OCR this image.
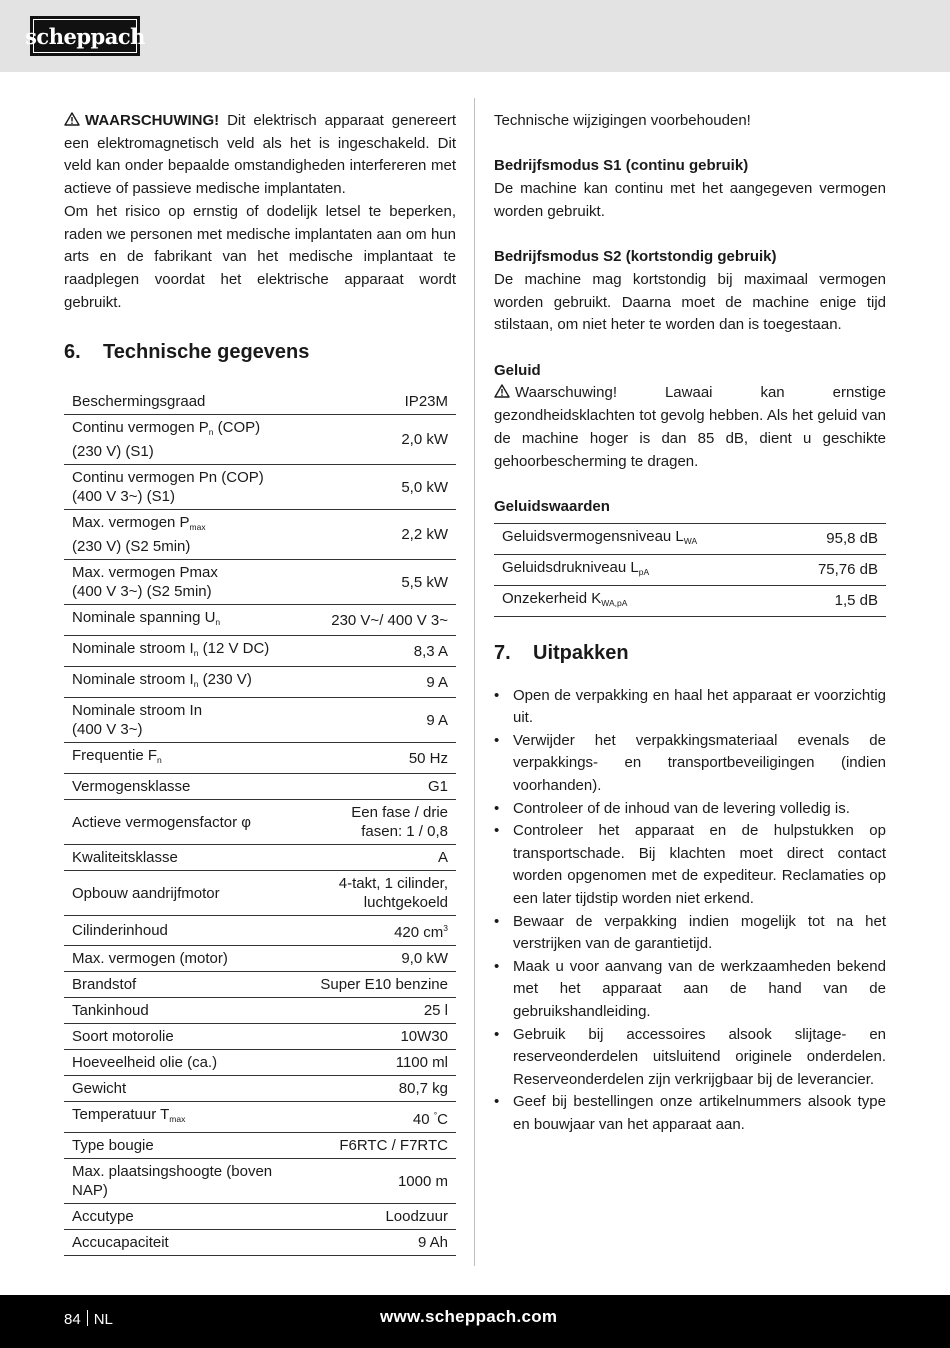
scheppach

WAARSCHUWING! Dit elektrisch apparaat genereert een elektromagnetisch veld als het is ingeschakeld. Dit veld kan onder bepaalde omstandigheden interfereren met actieve of passieve medische implantaten.

Om het risico op ernstig of dodelijk letsel te beperken, raden we personen met medische implantaten aan om hun arts en de fabrikant van het medische implantaat te raadplegen voordat het elektrische apparaat wordt gebruikt.

6.	Technische gegevens
Beschermingsgraad	IP23M
Continu vermogen $P_n$ (COP)
(230 V) (S1)	2,0 kW
Continu vermogen Pn (COP)
(400 V 3~) (S1)	5,0 kW
Max. vermogen $P_{max}$
(230 V) (S2 5min)	2,2 kW
Max. vermogen Pmax
(400 V 3~) (S2 5min)	5,5 kW
Nominale spanning $U_n$	230 V~/ 400 V 3~
Nominale stroom $I_n$ (12 V DC)	8,3 A
Nominale stroom $I_n$ (230 V)	9 A
Nominale stroom In
(400 V 3~)	9 A
Frequentie $F_n$	50 Hz
Vermogensklasse	G1
Actieve vermogensfactor φ	Een fase / drie
fasen: 1 / 0,8
Kwaliteitsklasse	A
Opbouw aandrijfmotor	4-takt, 1 cilinder,
luchtgekoeld
Cilinderinhoud	420 $cm^3$
Max. vermogen (motor)	9,0 kW
Brandstof	Super E10 benzine
Tankinhoud	25 l
Soort motorolie	10W30
Hoeveelheid olie (ca.)	1100 ml
Gewicht	80,7 kg
Temperatuur $T_{max}$	40 °C
Type bougie	F6RTC / F7RTC
Max. plaatsingshoogte (boven
NAP)	1000 m
Accutype	Loodzuur
Accucapaciteit	9 Ah

Technische wijzigingen voorbehouden!

Bedrijfsmodus S1 (continu gebruik)

De machine kan continu met het aangegeven vermogen worden gebruikt.

Bedrijfsmodus S2 (kortstondig gebruik)

De machine mag kortstondig bij maximaal vermogen worden gebruikt. Daarna moet de machine enige tijd stilstaan, om niet heter te worden dan is toegestaan.

Geluid

Waarschuwing! Lawaai kan ernstige gezondheidsklachten tot gevolg hebben. Als het geluid van de machine hoger is dan 85 dB, dient u geschikte gehoorbescherming te dragen.

Geluidswaarden

Geluidsvermogensniveau $L_{WA}$	95,8 dB
Geluidsdrukniveau $L_{pA}$	75,76 dB
Onzekerheid $K_{WA,pA}$	1,5 dB
7.	Uitpakken
• Open de verpakking en haal het apparaat er voorzichtig uit.
• Verwijder het verpakkingsmateriaal evenals de verpakkings- en transportbeveiligingen (indien voorhanden).
• Controleer of de inhoud van de levering volledig is.
• Controleer het apparaat en de hulpstukken op transportschade. Bij klachten moet direct contact worden opgenomen met de expediteur. Reclamaties op een later tijdstip worden niet erkend.
• Bewaar de verpakking indien mogelijk tot na het verstrijken van de garantietijd.
• Maak u voor aanvang van de werkzaamheden bekend met het apparaat aan de hand van de gebruikshandleiding.
• Gebruik bij accessoires alsook slijtage- en reserveonderdelen uitsluitend originele onderdelen. Reserveonderdelen zijn verkrijgbaar bij de leverancier.
• Geef bij bestellingen onze artikelnummers alsook type en bouwjaar van het apparaat aan.
84 NL	www.scheppach.com
